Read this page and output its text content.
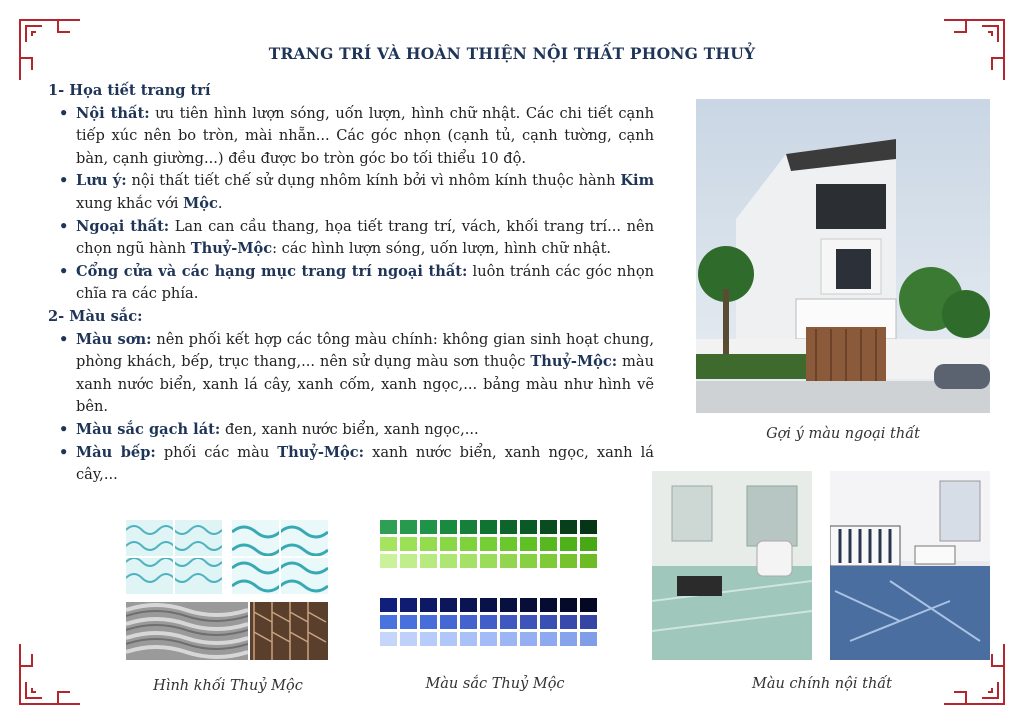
TRANG TRÍ VÀ HOÀN THIỆN NỘI THẤT PHONG THUỶ
1- Họa tiết trang trí
• Nội thất: ưu tiên hình lượn sóng, uốn lượn, hình chữ nhật. Các chi tiết cạnh tiếp xúc nên bo tròn, mài nhẵn... Các góc nhọn (cạnh tủ, cạnh tường, cạnh bàn, cạnh giường...) đều được bo tròn góc bo tối thiểu 10 độ.
• Lưu ý: nội thất tiết chế sử dụng nhôm kính bởi vì nhôm kính thuộc hành Kim xung khắc với Mộc.
• Ngoại thất: Lan can cầu thang, họa tiết trang trí, vách, khối trang trí... nên chọn ngũ hành Thuỷ-Mộc: các hình lượn sóng, uốn lượn, hình chữ nhật.
• Cổng cửa và các hạng mục trang trí ngoại thất: luôn tránh các góc nhọn chĩa ra các phía.
2- Màu sắc:
• Màu sơn: nên phối kết hợp các tông màu chính: không gian sinh hoạt chung, phòng khách, bếp, trục thang,... nên sử dụng màu sơn thuộc Thuỷ-Mộc: màu xanh nước biển, xanh lá cây, xanh cốm, xanh ngọc,... bảng màu như hình vẽ bên.
• Màu sắc gạch lát: đen, xanh nước biển, xanh ngọc,...
• Màu bếp: phối các màu Thuỷ-Mộc: xanh nước biển, xanh ngọc, xanh lá cây,...
Gợi ý màu ngoại thất
Màu chính nội thất
Hình khối Thuỷ Mộc	Màu sắc Thuỷ Mộc
